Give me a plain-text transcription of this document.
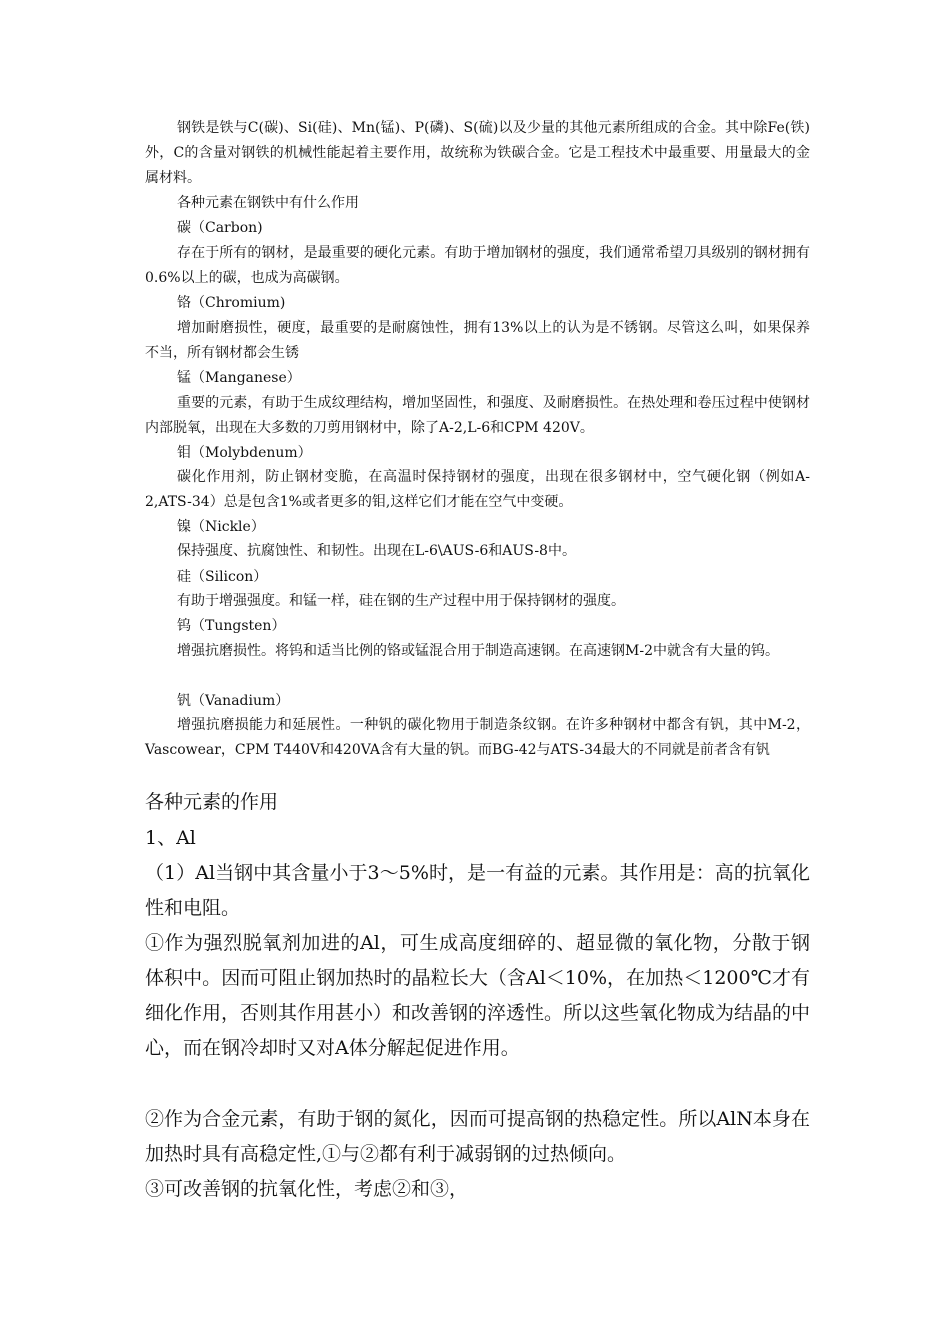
钢铁是铁与C(碳)、Si(硅)、Mn(锰)、P(磷)、S(硫)以及少量的其他元素所组成的合金。其中除Fe(铁)外，C的含量对钢铁的机械性能起着主要作用，故统称为铁碳合金。它是工程技术中最重要、用量最大的金属材料。

各种元素在钢铁中有什么作用

碳（Carbon)

存在于所有的钢材，是最重要的硬化元素。有助于增加钢材的强度，我们通常希望刀具级别的钢材拥有0.6%以上的碳，也成为高碳钢。

铬（Chromium)

增加耐磨损性，硬度，最重要的是耐腐蚀性，拥有13%以上的认为是不锈钢。尽管这么叫，如果保养不当，所有钢材都会生锈

锰（Manganese）

重要的元素，有助于生成纹理结构，增加坚固性，和强度、及耐磨损性。在热处理和卷压过程中使钢材内部脱氧，出现在大多数的刀剪用钢材中，除了A-2,L-6和CPM 420V。

钼（Molybdenum）

碳化作用剂，防止钢材变脆，在高温时保持钢材的强度，出现在很多钢材中，空气硬化钢（例如A-2,ATS-34）总是包含1%或者更多的钼,这样它们才能在空气中变硬。

镍（Nickle）

保持强度、抗腐蚀性、和韧性。出现在L-6\AUS-6和AUS-8中。

硅（Silicon）

有助于增强强度。和锰一样，硅在钢的生产过程中用于保持钢材的强度。

钨（Tungsten）

增强抗磨损性。将钨和适当比例的铬或锰混合用于制造高速钢。在高速钢M-2中就含有大量的钨。

钒（Vanadium）

增强抗磨损能力和延展性。一种钒的碳化物用于制造条纹钢。在许多种钢材中都含有钒，其中M-2，Vascowear，CPM T440V和420VA含有大量的钒。而BG-42与ATS-34最大的不同就是前者含有钒

各种元素的作用

1、Al

（1）Al当钢中其含量小于3～5%时，是一有益的元素。其作用是：高的抗氧化性和电阻。

①作为强烈脱氧剂加进的Al，可生成高度细碎的、超显微的氧化物，分散于钢体积中。因而可阻止钢加热时的晶粒长大（含Al＜10%，在加热＜1200℃才有细化作用，否则其作用甚小）和改善钢的淬透性。所以这些氧化物成为结晶的中心，而在钢冷却时又对A体分解起促进作用。

②作为合金元素，有助于钢的氮化，因而可提高钢的热稳定性。所以AlN本身在加热时具有高稳定性,①与②都有利于减弱钢的过热倾向。

③可改善钢的抗氧化性，考虑②和③，
